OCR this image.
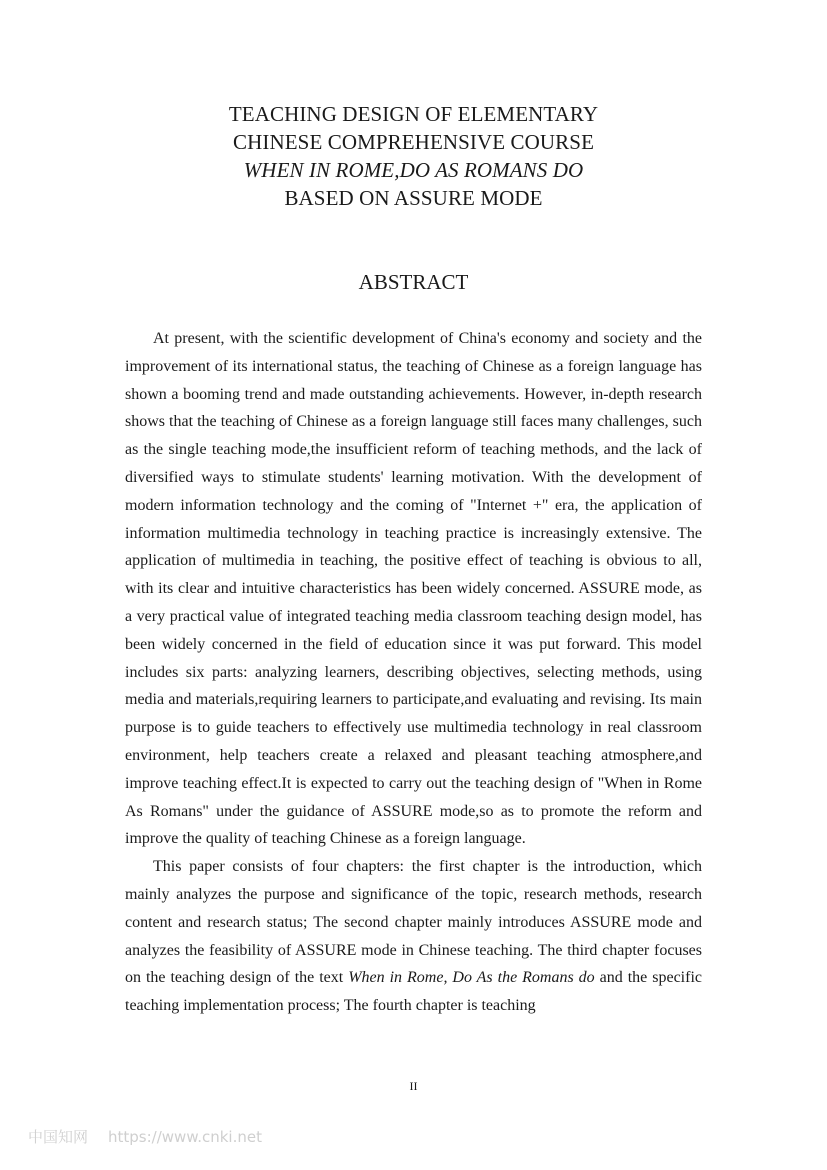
TEACHING DESIGN OF ELEMENTARY
CHINESE COMPREHENSIVE COURSE
WHEN IN ROME,DO AS ROMANS DO
BASED ON ASSURE MODE
ABSTRACT

At present, with the scientific development of China's economy and society and the improvement of its international status, the teaching of Chinese as a foreign language has shown a booming trend and made outstanding achievements. However, in-depth research shows that the teaching of Chinese as a foreign language still faces many challenges, such as the single teaching mode,the insufficient reform of teaching methods, and the lack of diversified ways to stimulate students' learning motivation. With the development of modern information technology and the coming of "Internet +" era, the application of information multimedia technology in teaching practice is increasingly extensive. The application of multimedia in teaching, the positive effect of teaching is obvious to all, with its clear and intuitive characteristics has been widely concerned. ASSURE mode, as a very practical value of integrated teaching media classroom teaching design model, has been widely concerned in the field of education since it was put forward. This model includes six parts: analyzing learners, describing objectives, selecting methods, using media and materials,requiring learners to participate,and evaluating and revising. Its main purpose is to guide teachers to effectively use multimedia technology in real classroom environment, help teachers create a relaxed and pleasant teaching atmosphere,and improve teaching effect.It is expected to carry out the teaching design of "When in Rome As Romans" under the guidance of ASSURE mode,so as to promote the reform and improve the quality of teaching Chinese as a foreign language.

This paper consists of four chapters: the first chapter is the introduction, which mainly analyzes the purpose and significance of the topic, research methods, research content and research status; The second chapter mainly introduces ASSURE mode and analyzes the feasibility of ASSURE mode in Chinese teaching. The third chapter focuses on the teaching design of the text When in Rome, Do As the Romans do and the specific teaching implementation process; The fourth chapter is teaching

II
中国知网 https://www.cnki.net
